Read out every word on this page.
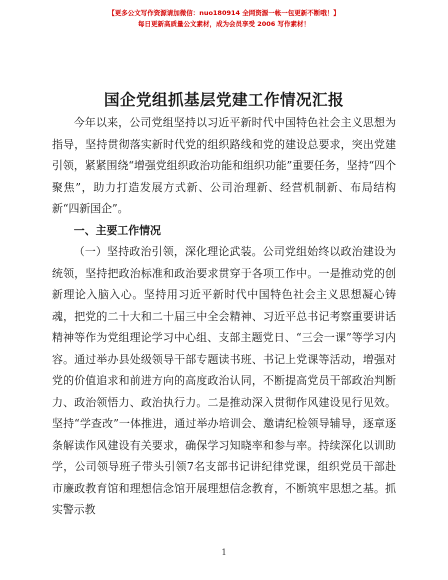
【更多公文写作资源请加微信：nuo180914 全网资源一帐一包更新不断哦！】
每日更新高质量公文素材，成为会员享受 2006 写作素材！
国企党组抓基层党建工作情况汇报

今年以来，公司党组坚持以习近平新时代中国特色社会主义思想为指导，坚持贯彻落实新时代党的组织路线和党的建设总要求，突出党建引领，紧紧围绕“增强党组织政治功能和组织功能”重要任务，坚持“四个聚焦”，助力打造发展方式新、公司治理新、经营机制新、布局结构新“四新国企”。

一、主要工作情况

（一）坚持政治引领，深化理论武装。公司党组始终以政治建设为统领，坚持把政治标准和政治要求贯穿于各项工作中。一是推动党的创新理论入脑入心。坚持用习近平新时代中国特色社会主义思想凝心铸魂，把党的二十大和二十届三中全会精神、习近平总书记考察重要讲话精神等作为党组理论学习中心组、支部主题党日、“三会一课”等学习内容。通过举办县处级领导干部专题读书班、书记上党课等活动，增强对党的价值追求和前进方向的高度政治认同，不断提高党员干部政治判断力、政治领悟力、政治执行力。二是推动深入贯彻作风建设见行见效。坚持“学查改”一体推进，通过举办培训会、邀请纪检领导辅导，逐章逐条解读作风建设有关要求，确保学习知晓率和参与率。持续深化以训助学，公司领导班子带头引领7名支部书记讲纪律党课，组织党员干部赴市廉政教育馆和理想信念馆开展理想信念教育，不断筑牢思想之基。抓实警示教

1
